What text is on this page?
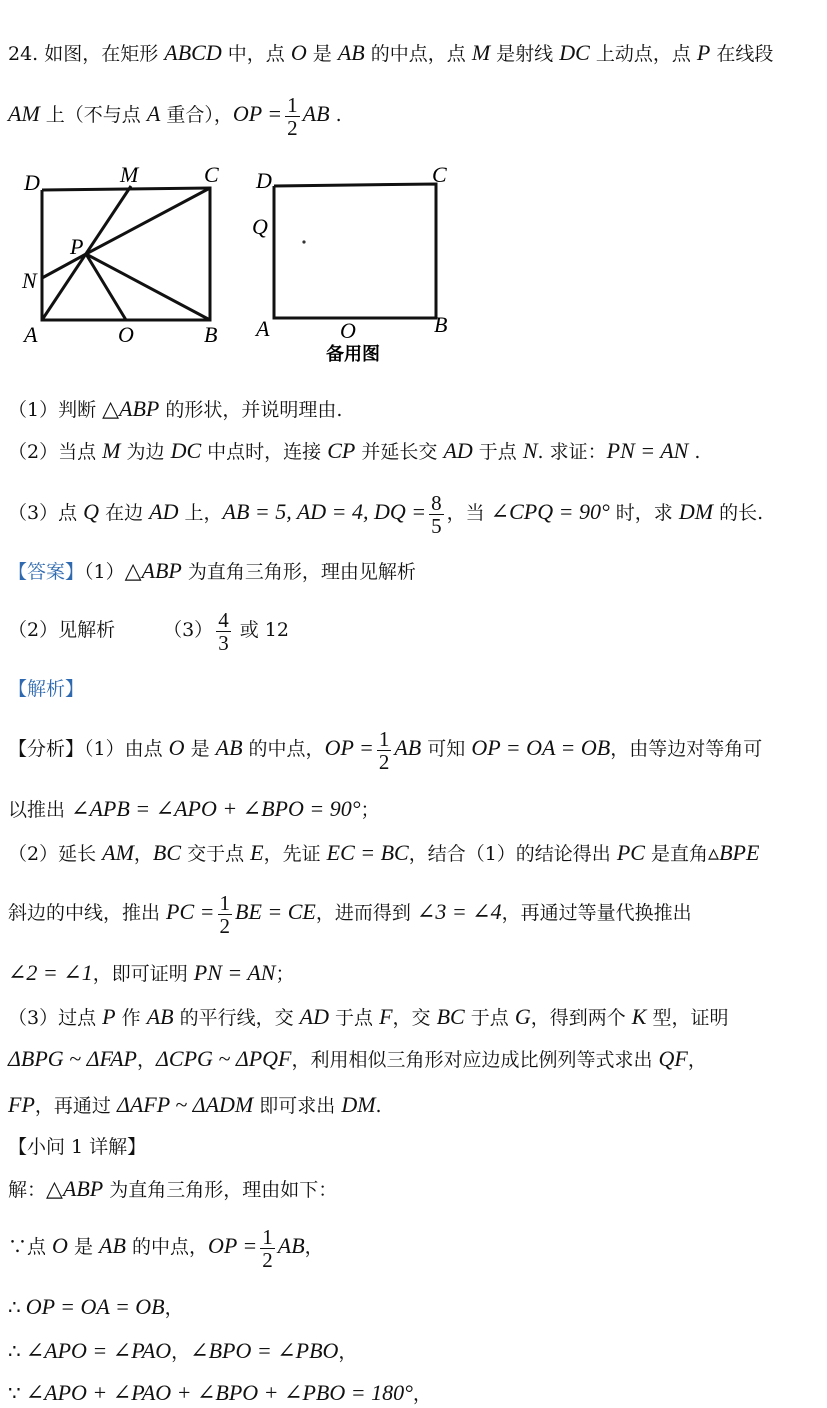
24. 如图，在矩形 ABCD 中，点 O 是 AB 的中点，点 M 是射线 DC 上动点，点 P 在线段
AM 上（不与点 A 重合），OP = $\frac{1}{2}$ AB .
D	M	C
P
N
A	O	B
D	C
Q
A	O	B
备用图
（1）判断 △ABP 的形状，并说明理由.
（2）当点 M 为边 DC 中点时，连接 CP 并延长交 AD 于点 N. 求证：PN = AN .
（3）点 Q 在边 AD 上，AB = 5, AD = 4, DQ = $\frac{8}{5}$ ，当 ∠CPQ = 90° 时，求 DM 的长.
【答案】（1）△ABP 为直角三角形，理由见解析
（2）见解析	$(3) \frac{4}{3}$ 或 12
【解析】
【分析】（1）由点 O 是 AB 的中点，OP = $\frac{1}{2}$ AB 可知 OP = OA = OB，由等边对等角可
以推出 ∠APB = ∠APO + ∠BPO = 90°；
（2）延长 AM，BC 交于点 E，先证 EC = BC，结合（1）的结论得出 PC 是直角▵BPE
斜边的中线，推出 PC = $\frac{1}{2}$ BE = CE，进而得到 ∠3 = ∠4，再通过等量代换推出
∠2 = ∠1，即可证明 PN = AN；
（3）过点 P 作 AB 的平行线，交 AD 于点 F，交 BC 于点 G，得到两个 K 型，证明
ΔBPG ~ ΔFAP，ΔCPG ~ ΔPQF，利用相似三角形对应边成比例列等式求出 QF，
FP，再通过 ΔAFP ~ ΔADM 即可求出 DM.
【小问 1 详解】
解：△ABP 为直角三角形，理由如下：
∵点 O 是 AB 的中点，OP = $\frac{1}{2}$ AB，
∴ OP = OA = OB，
∴ ∠APO = ∠PAO，∠BPO = ∠PBO，
∵ ∠APO + ∠PAO + ∠BPO + ∠PBO = 180°，
